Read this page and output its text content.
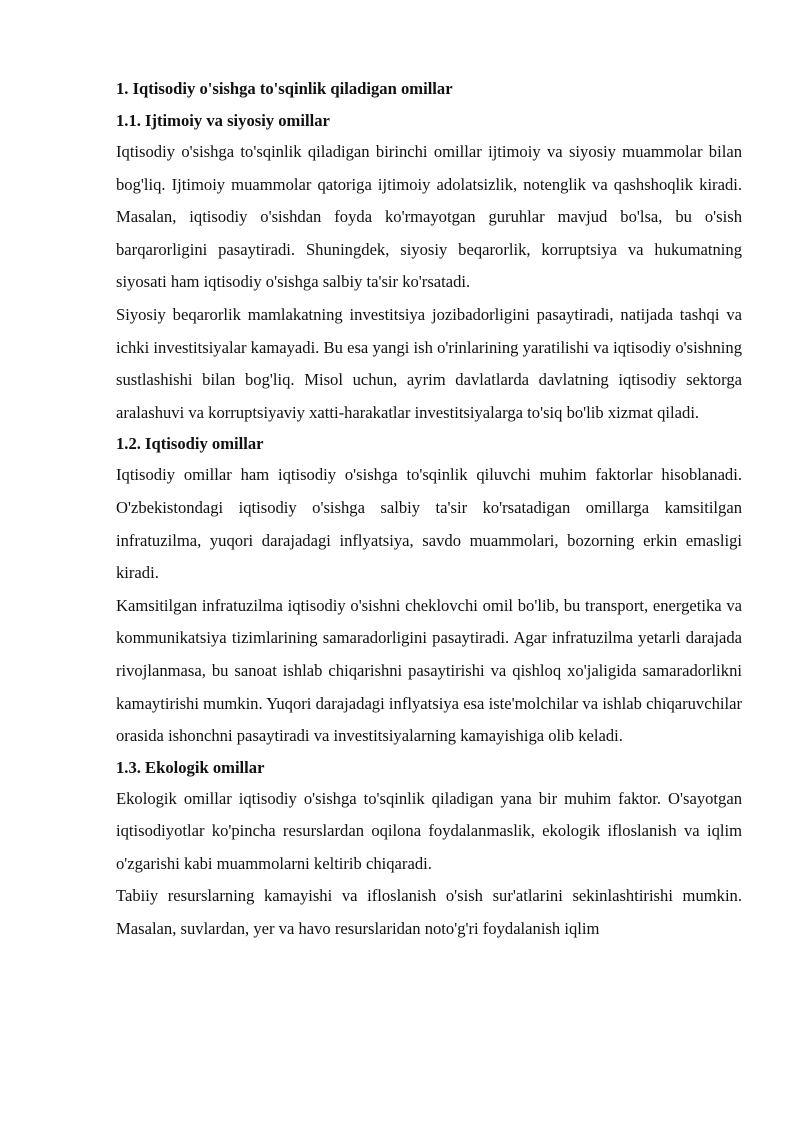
1. Iqtisodiy o'sishga to'sqinlik qiladigan omillar
1.1. Ijtimoiy va siyosiy omillar

Iqtisodiy o'sishga to'sqinlik qiladigan birinchi omillar ijtimoiy va siyosiy muammolar bilan bog'liq. Ijtimoiy muammolar qatoriga ijtimoiy adolatsizlik, notenglik va qashshoqlik kiradi. Masalan, iqtisodiy o'sishdan foyda ko'rmayotgan guruhlar mavjud bo'lsa, bu o'sish barqarorligini pasaytiradi. Shuningdek, siyosiy beqarorlik, korruptsiya va hukumatning siyosati ham iqtisodiy o'sishga salbiy ta'sir ko'rsatadi.

Siyosiy beqarorlik mamlakatning investitsiya jozibadorligini pasaytiradi, natijada tashqi va ichki investitsiyalar kamayadi. Bu esa yangi ish o'rinlarining yaratilishi va iqtisodiy o'sishning sustlashishi bilan bog'liq. Misol uchun, ayrim davlatlarda davlatning iqtisodiy sektorga aralashuvi va korruptsiyaviy xatti-harakatlar investitsiyalarga to'siq bo'lib xizmat qiladi.

1.2. Iqtisodiy omillar

Iqtisodiy omillar ham iqtisodiy o'sishga to'sqinlik qiluvchi muhim faktorlar hisoblanadi. O'zbekistondagi iqtisodiy o'sishga salbiy ta'sir ko'rsatadigan omillarga kamsitilgan infratuzilma, yuqori darajadagi inflyatsiya, savdo muammolari, bozorning erkin emasligi kiradi.

Kamsitilgan infratuzilma iqtisodiy o'sishni cheklovchi omil bo'lib, bu transport, energetika va kommunikatsiya tizimlarining samaradorligini pasaytiradi. Agar infratuzilma yetarli darajada rivojlanmasa, bu sanoat ishlab chiqarishni pasaytirishi va qishloq xo'jaligida samaradorlikni kamaytirishi mumkin. Yuqori darajadagi inflyatsiya esa iste'molchilar va ishlab chiqaruvchilar orasida ishonchni pasaytiradi va investitsiyalarning kamayishiga olib keladi.

1.3. Ekologik omillar

Ekologik omillar iqtisodiy o'sishga to'sqinlik qiladigan yana bir muhim faktor. O'sayotgan iqtisodiyotlar ko'pincha resurslardan oqilona foydalanmaslik, ekologik ifloslanish va iqlim o'zgarishi kabi muammolarni keltirib chiqaradi.

Tabiiy resurslarning kamayishi va ifloslanish o'sish sur'atlarini sekinlashtirishi mumkin. Masalan, suvlardan, yer va havo resurslaridan noto'g'ri foydalanish iqlim
